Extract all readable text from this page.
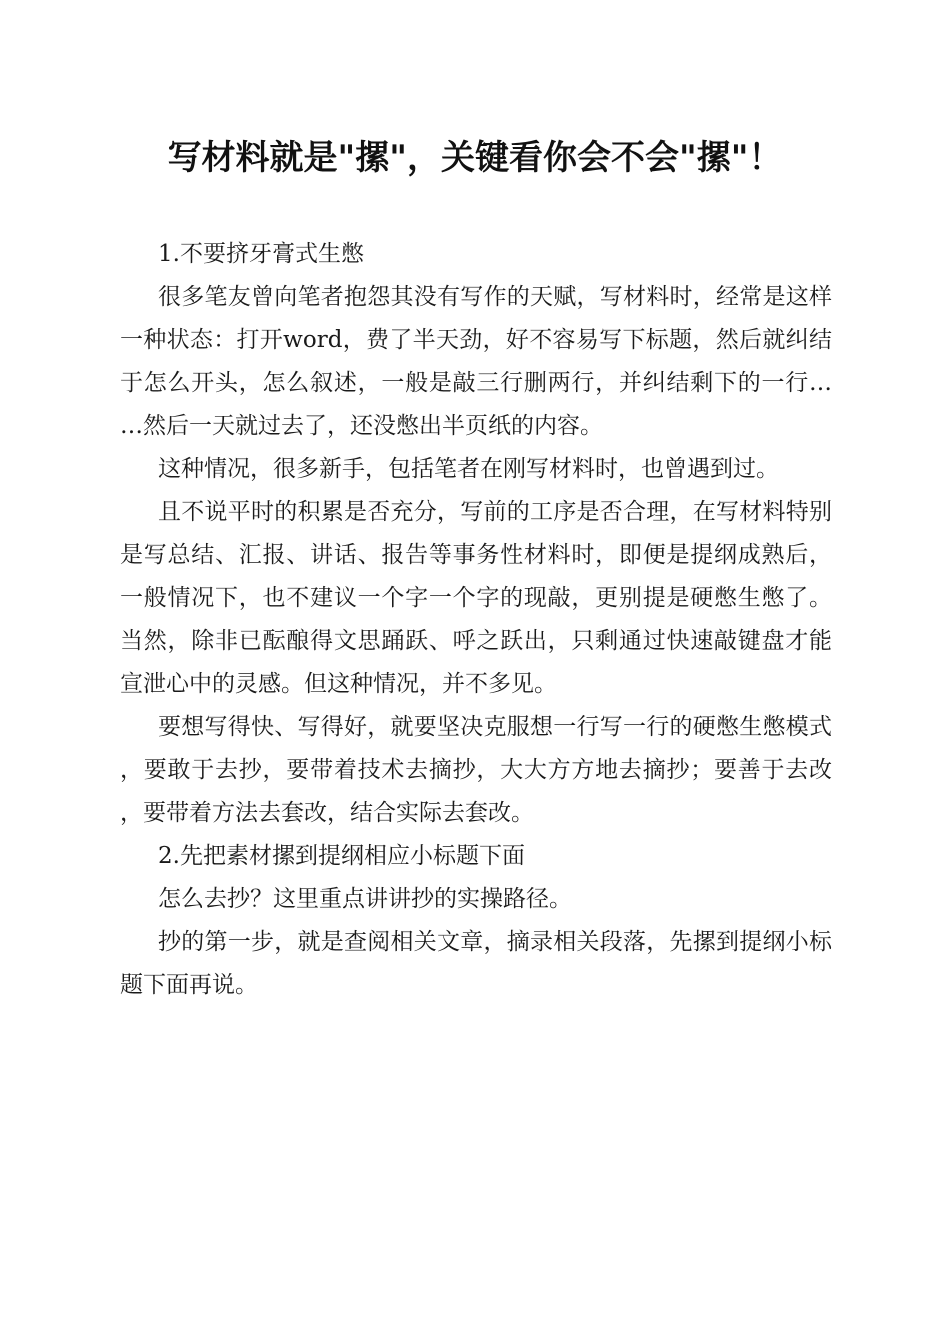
写材料就是"摞"，关键看你会不会"摞"！

1.不要挤牙膏式生憋

很多笔友曾向笔者抱怨其没有写作的天赋，写材料时，经常是这样一种状态：打开word，费了半天劲，好不容易写下标题，然后就纠结于怎么开头，怎么叙述，一般是敲三行删两行，并纠结剩下的一行……然后一天就过去了，还没憋出半页纸的内容。

这种情况，很多新手，包括笔者在刚写材料时，也曾遇到过。

且不说平时的积累是否充分，写前的工序是否合理，在写材料特别是写总结、汇报、讲话、报告等事务性材料时，即便是提纲成熟后，一般情况下，也不建议一个字一个字的现敲，更别提是硬憋生憋了。当然，除非已酝酿得文思踊跃、呼之跃出，只剩通过快速敲键盘才能宣泄心中的灵感。但这种情况，并不多见。

要想写得快、写得好，就要坚决克服想一行写一行的硬憋生憋模式，要敢于去抄，要带着技术去摘抄，大大方方地去摘抄；要善于去改，要带着方法去套改，结合实际去套改。

2.先把素材摞到提纲相应小标题下面

怎么去抄？这里重点讲讲抄的实操路径。

抄的第一步，就是查阅相关文章，摘录相关段落，先摞到提纲小标题下面再说。
